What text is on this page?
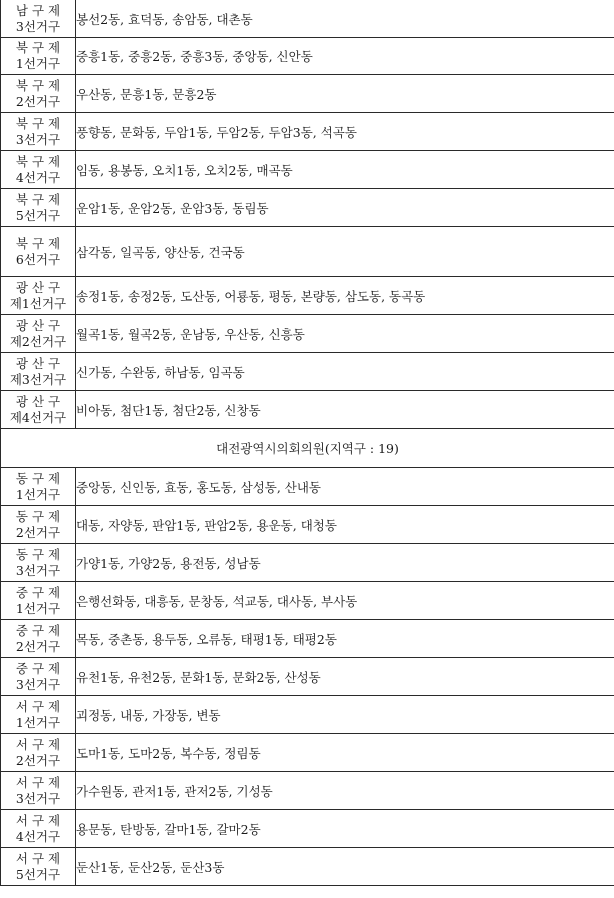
남 구 제
3선거구	봉선2동, 효덕동, 송암동, 대촌동

북 구 제
1선거구	중흥1동, 중흥2동, 중흥3동, 중앙동, 신안동

북 구 제
2선거구	우산동, 문흥1동, 문흥2동

북 구 제
3선거구	풍향동, 문화동, 두암1동, 두암2동, 두암3동, 석곡동

북 구 제
4선거구	임동, 용봉동, 오치1동, 오치2동, 매곡동

북 구 제
5선거구	운암1동, 운암2동, 운암3동, 동림동

북 구 제
6선거구	삼각동, 일곡동, 양산동, 건국동

광 산 구
제1선거구	송정1동, 송정2동, 도산동, 어룡동, 평동, 본량동, 삼도동, 동곡동

광 산 구
제2선거구	월곡1동, 월곡2동, 운남동, 우산동, 신흥동

광 산 구
제3선거구	신가동, 수완동, 하남동, 임곡동

광 산 구
제4선거구	비아동, 첨단1동, 첨단2동, 신창동
대전광역시의회의원(지역구 : 19)	

동 구 제
1선거구	중앙동, 신인동, 효동, 홍도동, 삼성동, 산내동

동 구 제
2선거구	대동, 자양동, 판암1동, 판암2동, 용운동, 대청동

동 구 제
3선거구	가양1동, 가양2동, 용전동, 성남동

중 구 제
1선거구	은행선화동, 대흥동, 문창동, 석교동, 대사동, 부사동

중 구 제
2선거구	목동, 중촌동, 용두동, 오류동, 태평1동, 태평2동

중 구 제
3선거구	유천1동, 유천2동, 문화1동, 문화2동, 산성동

서 구 제
1선거구	괴정동, 내동, 가장동, 변동

서 구 제
2선거구	도마1동, 도마2동, 복수동, 정림동

서 구 제
3선거구	가수원동, 관저1동, 관저2동, 기성동

서 구 제
4선거구	용문동, 탄방동, 갈마1동, 갈마2동

서 구 제
5선거구	둔산1동, 둔산2동, 둔산3동
